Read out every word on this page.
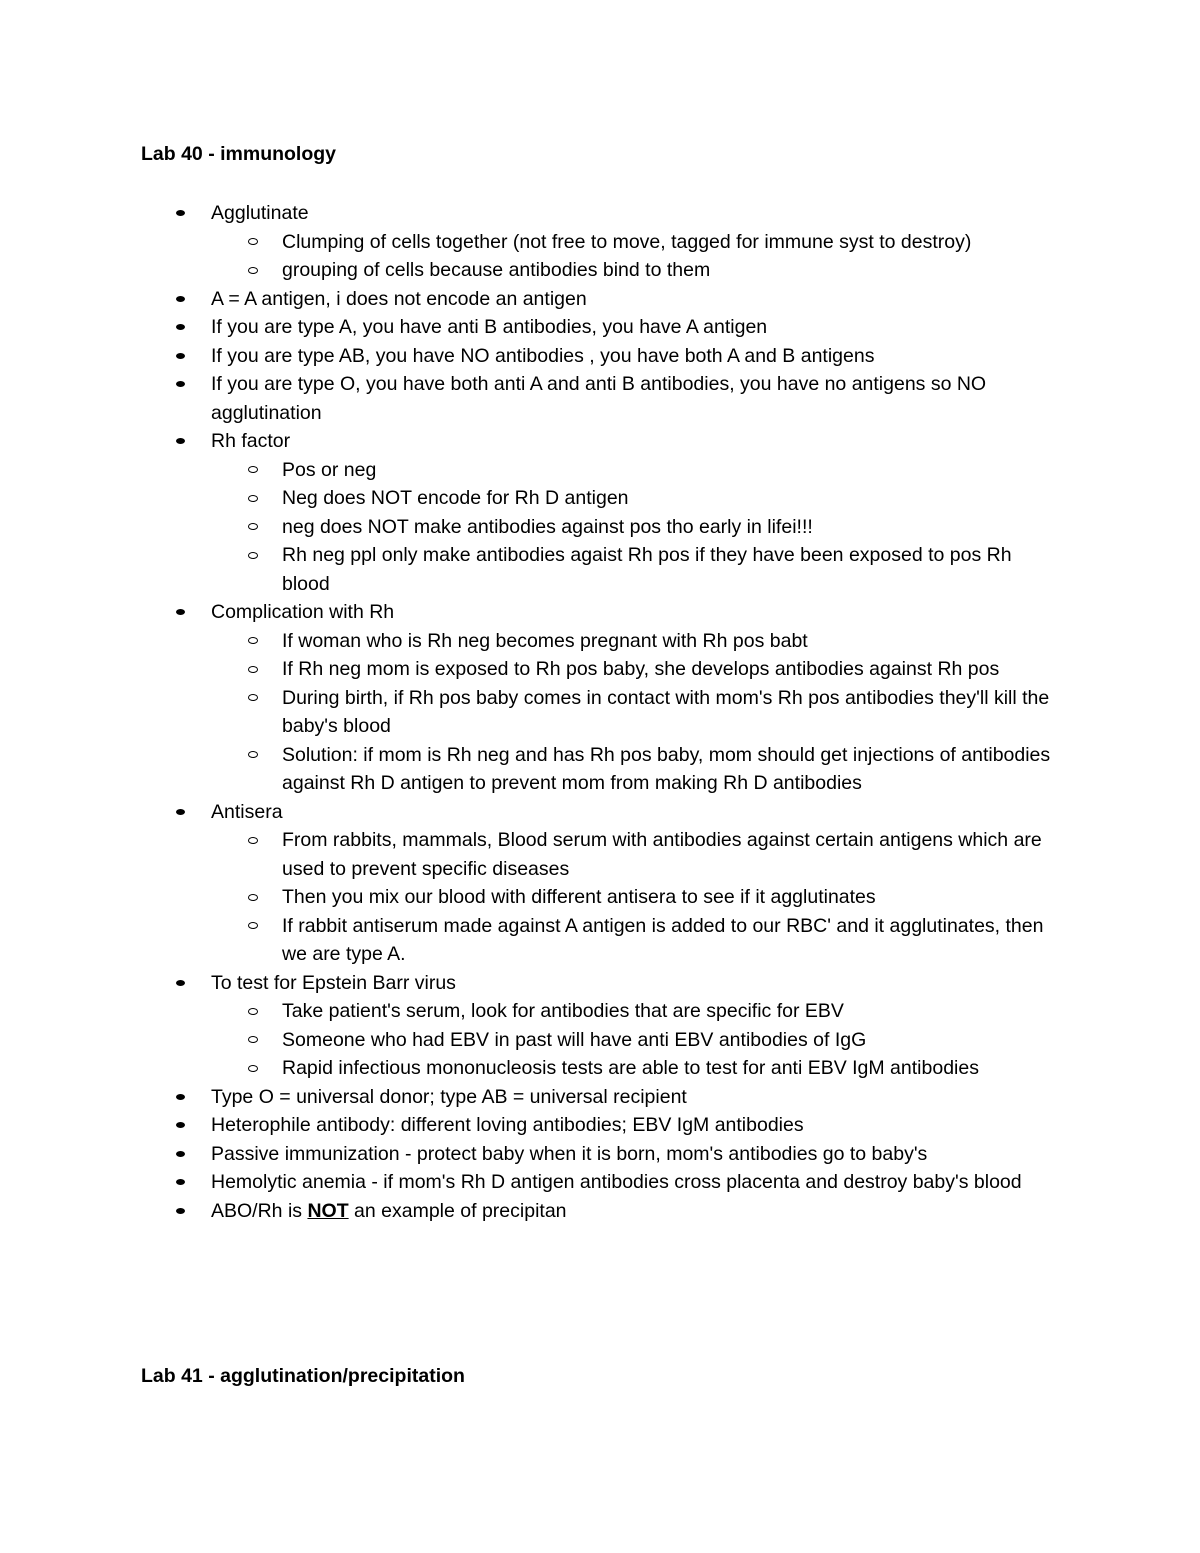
Lab 40 - immunology
Agglutinate
Clumping of cells together (not free to move, tagged for immune syst to destroy)
grouping of cells because antibodies bind to them
A = A antigen, i does not encode an antigen
If you are type A, you have anti B antibodies, you have A antigen
If you are type AB, you have NO antibodies , you have both A and B antigens
If you are type O, you have both anti A and anti B antibodies, you have no antigens so NO agglutination
Rh factor
Pos or neg
Neg does NOT encode for Rh D antigen
neg does NOT make antibodies against pos tho early in lifei!!!
Rh neg ppl only make antibodies agaist Rh pos if they have been exposed to pos Rh blood
Complication with Rh
If woman who is Rh neg becomes pregnant with Rh pos babt
If Rh neg mom is exposed to Rh pos baby, she develops antibodies against Rh pos
During birth, if Rh pos baby comes in contact with mom's Rh pos antibodies they'll kill the baby's blood
Solution: if mom is Rh neg and has Rh pos baby, mom should get injections of antibodies against Rh D antigen to prevent mom from making Rh D antibodies
Antisera
From rabbits, mammals, Blood serum with antibodies against certain antigens which are used to prevent specific diseases
Then you mix our blood with different antisera to see if it agglutinates
If rabbit antiserum made against A antigen is added to our RBC' and it agglutinates, then we are type A.
To test for Epstein Barr virus
Take patient's serum, look for antibodies that are specific for EBV
Someone who had EBV in past will have anti EBV antibodies of IgG
Rapid infectious mononucleosis tests are able to test for anti EBV IgM antibodies
Type O = universal donor; type AB = universal recipient
Heterophile antibody: different loving antibodies; EBV IgM antibodies
Passive immunization - protect baby when it is born, mom's antibodies go to baby's
Hemolytic anemia - if mom's Rh D antigen antibodies cross placenta and destroy baby's blood
ABO/Rh is NOT an example of precipitan
Lab 41 - agglutination/precipitation
